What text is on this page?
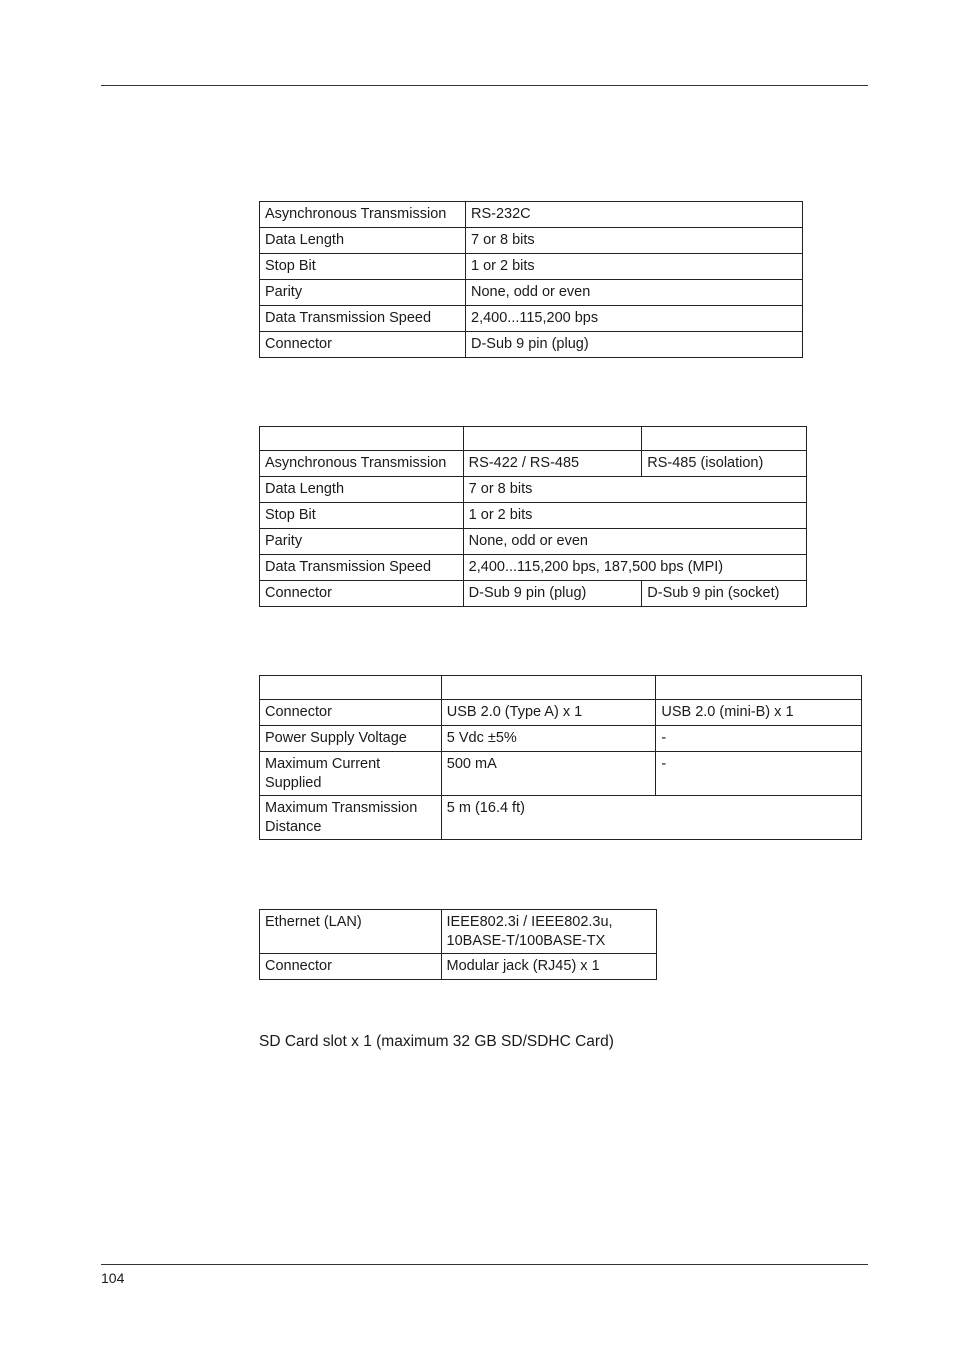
Asynchronous Transmission	RS-232C
Data Length	7 or 8 bits
Stop Bit	1 or 2 bits
Parity	None, odd or even
Data Transmission Speed	2,400...115,200 bps
Connector	D-Sub 9 pin (plug)

Asynchronous Transmission	RS-422 / RS-485	RS-485 (isolation)
Data Length	7 or 8 bits	
Stop Bit	1 or 2 bits	
Parity	None, odd or even	
Data Transmission Speed	2,400...115,200 bps, 187,500 bps (MPI)	
Connector	D-Sub 9 pin (plug)	D-Sub 9 pin (socket)

Connector	USB 2.0 (Type A) x 1	USB 2.0 (mini-B) x 1
Power Supply Voltage	5 Vdc ±5%	-
Maximum Current Supplied	500 mA	-
Maximum Transmission Distance	5 m (16.4 ft)	
Ethernet (LAN)	IEEE802.3i / IEEE802.3u, 10BASE-T/100BASE-TX
Connector	Modular jack (RJ45) x 1
SD Card slot x 1 (maximum 32 GB SD/SDHC Card)
104
